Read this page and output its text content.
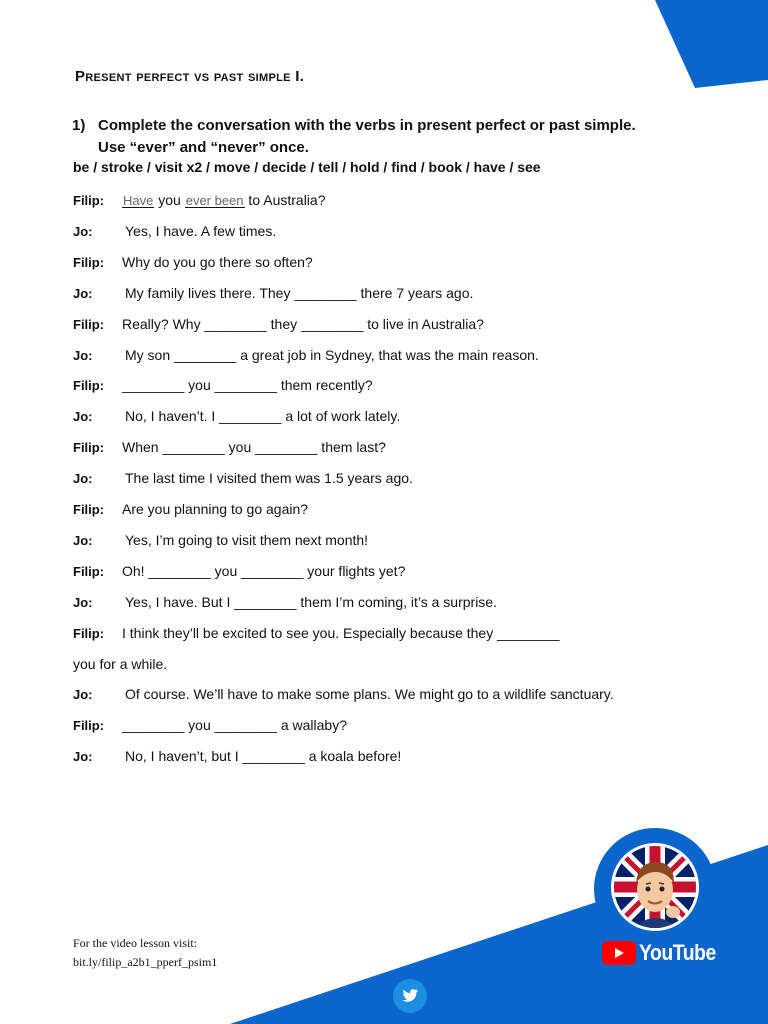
Present perfect vs past simple I.
1) Complete the conversation with the verbs in present perfect or past simple.
Use “ever” and “never” once.
be / stroke / visit x2 / move / decide / tell / hold / find / book / have / see
Filip:	Have you ever been to Australia?
Jo:	Yes, I have. A few times.
Filip:	Why do you go there so often?
Jo:	My family lives there. They ________ there 7 years ago.
Filip:	Really? Why ________ they ________ to live in Australia?
Jo:	My son ________ a great job in Sydney, that was the main reason.
Filip:	________ you ________ them recently?
Jo:	No, I haven’t. I ________ a lot of work lately.
Filip:	When ________ you ________ them last?
Jo:	The last time I visited them was 1.5 years ago.
Filip:	Are you planning to go again?
Jo:	Yes, I’m going to visit them next month!
Filip:	Oh! ________ you ________ your flights yet?
Jo:	Yes, I have. But I ________ them I’m coming, it’s a surprise.
Filip:	I think they’ll be excited to see you. Especially because they ________
you for a while.
Jo:	Of course. We’ll have to make some plans. We might go to a wildlife sanctuary.
Filip:	________ you ________ a wallaby?
Jo:	No, I haven’t, but I ________ a koala before!
For the video lesson visit:
bit.ly/filip_a2b1_pperf_psim1	YouTube
